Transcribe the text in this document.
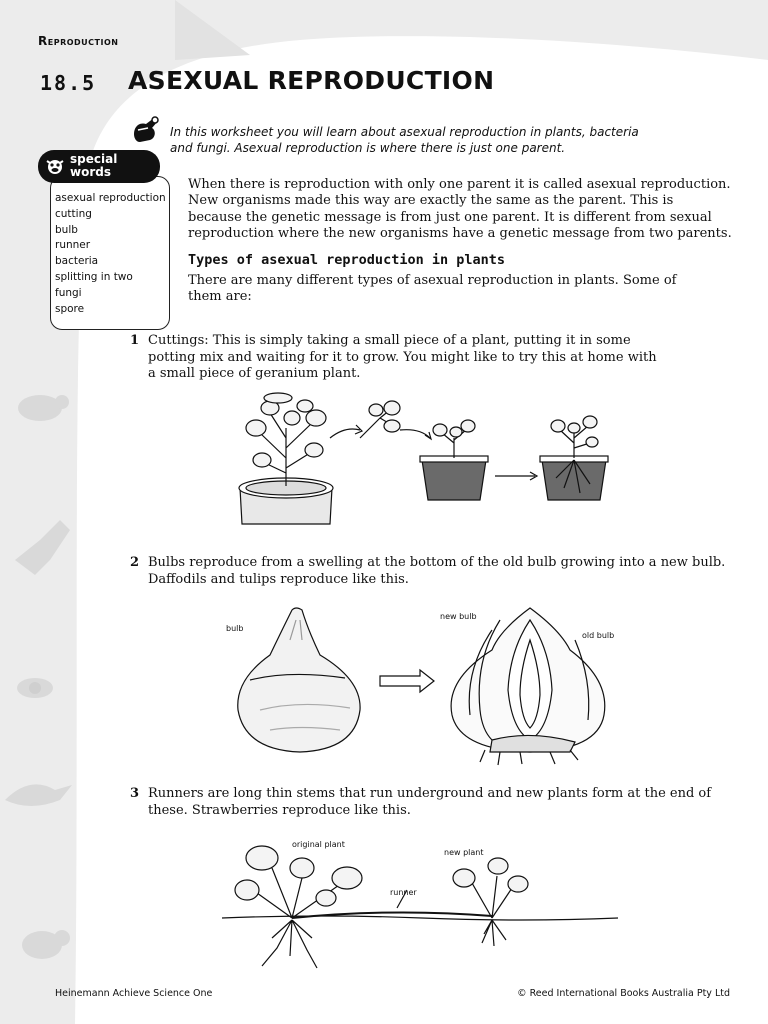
Reproduction
18.5 ASEXUAL REPRODUCTION
In this worksheet you will learn about asexual reproduction in plants, bacteria
and fungi. Asexual reproduction is where there is just one parent.
special
words
asexual reproduction
cutting
bulb
runner
bacteria
splitting in two
fungi
spore
When there is reproduction with only one parent it is called asexual reproduction.
New organisms made this way are exactly the same as the parent. This is
because the genetic message is from just one parent. It is different from sexual
reproduction where the new organisms have a genetic message from two parents.
Types of asexual reproduction in plants
There are many different types of asexual reproduction in plants. Some of
them are:
1 Cuttings: This is simply taking a small piece of a plant, putting it in some
potting mix and waiting for it to grow. You might like to try this at home with
a small piece of geranium plant.
2 Bulbs reproduce from a swelling at the bottom of the old bulb growing into a new bulb.
Daffodils and tulips reproduce like this.
bulb
new bulb
old bulb
3 Runners are long thin stems that run underground and new plants form at the end of
these. Strawberries reproduce like this.
original plant
new plant
runner
Heinemann Achieve Science One	© Reed International Books Australia Pty Ltd
